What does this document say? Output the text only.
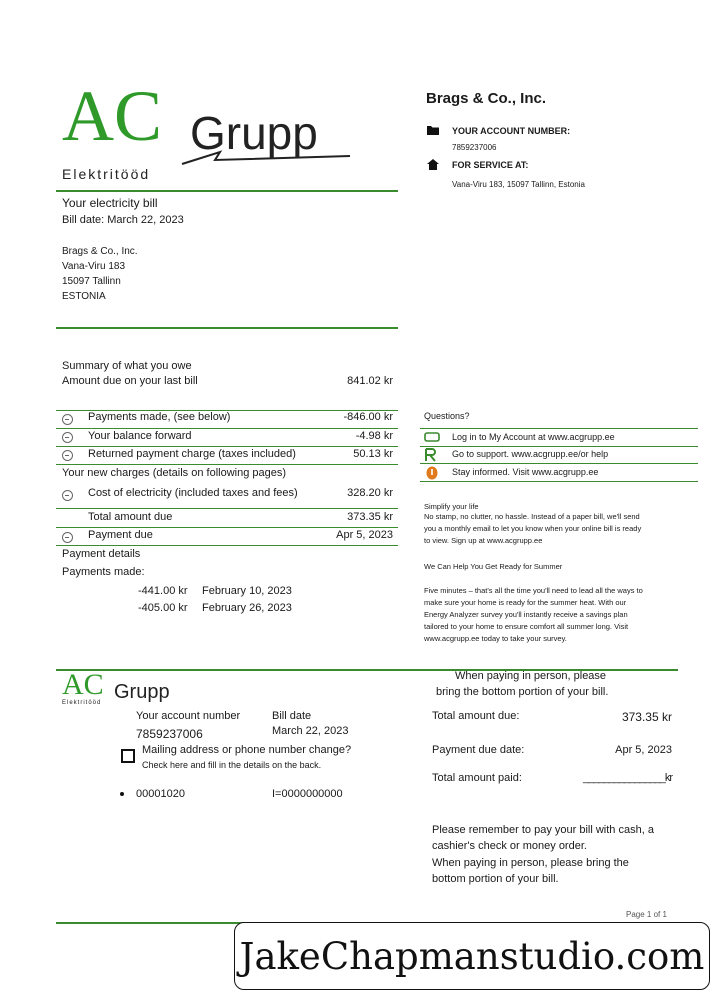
AC Grupp
Elektritööd
Brags & Co., Inc.
YOUR ACCOUNT NUMBER:
7859237006
FOR SERVICE AT:
Vana-Viru 183, 15097 Tallinn, Estonia
Your electricity bill
Bill date: March 22, 2023
Brags & Co., Inc.
Vana-Viru 183
15097 Tallinn
ESTONIA
Summary of what you owe
Amount due on your last bill	841.02 kr
Payments made, (see below)	-846.00 kr
Your balance forward	-4.98 kr
Returned payment charge (taxes included)	50.13 kr
Your new charges (details on following pages)
Cost of electricity (included taxes and fees)	328.20 kr
Total amount due	373.35 kr
Payment due	Apr 5, 2023
Payment details
Payments made:
-441.00 kr February 10, 2023
-405.00 kr February 26, 2023
Questions?
Log in to My Account at www.acgrupp.ee
Go to support. www.acgrupp.ee/or help
Stay informed. Visit www.acgrupp.ee
Simplify your life
No stamp, no clutter, no hassle. Instead of a paper bill, we'll send
you a monthly email to let you know when your online bill is ready
to view. Sign up at www.acgrupp.ee
We Can Help You Get Ready for Summer
Five minutes – that's all the time you'll need to lead all the ways to
make sure your home is ready for the summer heat. With our
Energy Analyzer survey you'll instantly receive a savings plan
tailored to your home to ensure comfort all summer long. Visit
www.acgrupp.ee today to take your survey.
AC Grupp
Elektritööd
Your account number
7859237006
Bill date
March 22, 2023
Mailing address or phone number change?
Check here and fill in the details on the back.
00001020	I=0000000000
When paying in person, please
bring the bottom portion of your bill.
Total amount due:	373.35 kr
Payment due date:	Apr 5, 2023
Total amount paid:	________________kr
Please remember to pay your bill with cash, a
cashier's check or money order.
When paying in person, please bring the
bottom portion of your bill.
Page 1 of 1
JakeChapmanstudio.com
